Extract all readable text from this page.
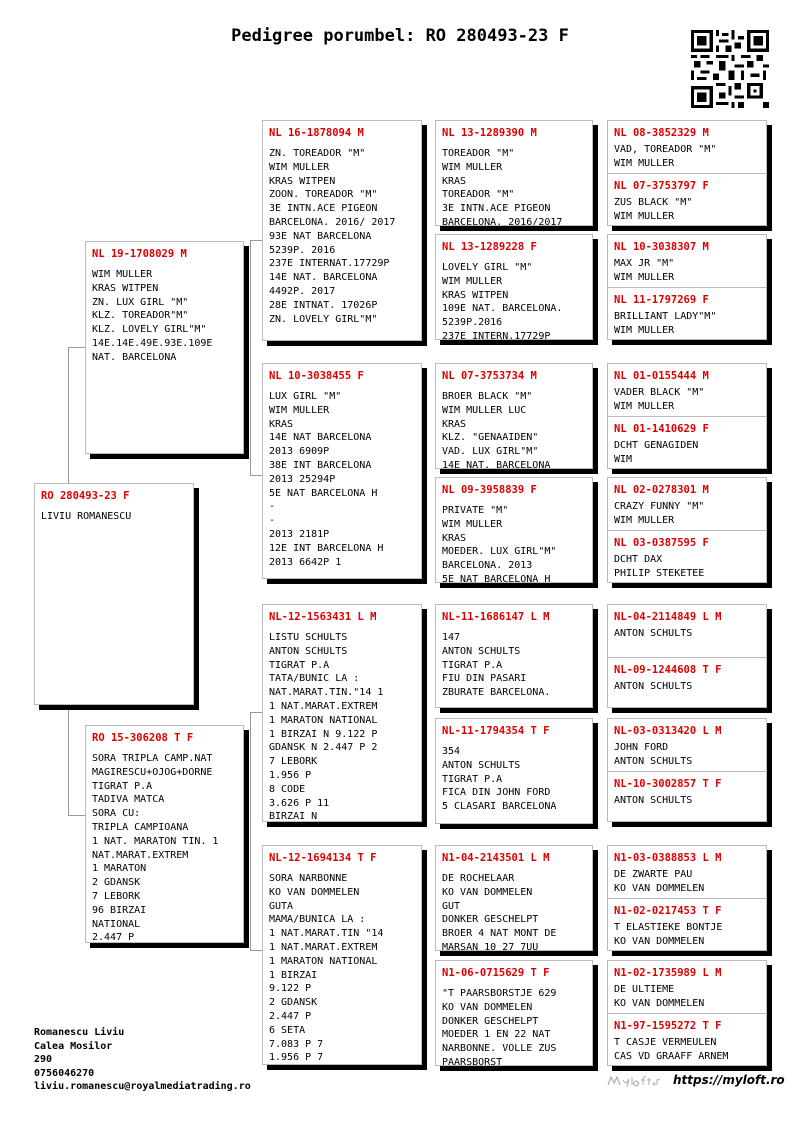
Pedigree porumbel: RO 280493-23 F
RO 280493-23 F
LIVIU ROMANESCU
NL 19-1708029 M
WIM MULLER
KRAS WITPEN
ZN. LUX GIRL "M"
KLZ. TOREADOR"M"
KLZ. LOVELY GIRL"M"
14E.14E.49E.93E.109E
NAT. BARCELONA
RO 15-306208 T F
SORA TRIPLA CAMP.NAT
MAGIRESCU+OJOG+DORNE
TIGRAT P.A
TADIVA MATCA
SORA CU:
TRIPLA CAMPIOANA
1 NAT. MARATON TIN. 1
NAT.MARAT.EXTREM
1 MARATON
2 GDANSK
7 LEBORK
96 BIRZAI
NATIONAL
2.447 P
NL 16-1878094 M
ZN. TOREADOR "M"
WIM MULLER
KRAS WITPEN
ZOON. TOREADOR "M"
3E INTN.ACE PIGEON
BARCELONA. 2016/ 2017
93E NAT BARCELONA
5239P. 2016
237E INTERNAT.17729P
14E NAT. BARCELONA
4492P. 2017
28E INTNAT. 17026P
ZN. LOVELY GIRL"M"
NL 10-3038455 F
LUX GIRL "M"
WIM MULLER
KRAS
14E NAT BARCELONA
2013 6909P
38E INT BARCELONA
2013 25294P
5E NAT BARCELONA H
-
-
2013 2181P
12E INT BARCELONA H
2013 6642P 1
NL-12-1563431 L M
LISTU SCHULTS
ANTON SCHULTS
TIGRAT P.A
TATA/BUNIC LA :
NAT.MARAT.TIN."14 1
1 NAT.MARAT.EXTREM
1 MARATON NATIONAL
1 BIRZAI N 9.122 P
GDANSK N 2.447 P 2
7 LEBORK
1.956 P
8 CODE
3.626 P 11
BIRZAI N
NL-12-1694134 T F
SORA NARBONNE
KO VAN DOMMELEN
GUTA
MAMA/BUNICA LA :
1 NAT.MARAT.TIN "14
1 NAT.MARAT.EXTREM
1 MARATON NATIONAL
1 BIRZAI
9.122 P
2 GDANSK
2.447 P
6 SETA
7.083 P 7
1.956 P 7
NL 13-1289390 M
TOREADOR "M"
WIM MULLER
KRAS
TOREADOR "M"
3E INTN.ACE PIGEON
BARCELONA. 2016/2017
NL 13-1289228 F
LOVELY GIRL "M"
WIM MULLER
KRAS WITPEN
109E NAT. BARCELONA.
5239P.2016
237E INTERN.17729P
NL 07-3753734 M
BROER BLACK "M"
WIM MULLER LUC
KRAS
KLZ. "GENAAIDEN"
VAD. LUX GIRL"M"
14E NAT. BARCELONA
NL 09-3958839 F
PRIVATE "M"
WIM MULLER
KRAS
MOEDER. LUX GIRL"M"
BARCELONA. 2013
5E NAT BARCELONA H
NL-11-1686147 L M
147
ANTON SCHULTS
TIGRAT P.A
FIU DIN PASARI
ZBURATE BARCELONA.
NL-11-1794354 T F
354
ANTON SCHULTS
TIGRAT P.A
FICA DIN JOHN FORD
5 CLASARI BARCELONA
N1-04-2143501 L M
DE ROCHELAAR
KO VAN DOMMELEN
GUT
DONKER GESCHELPT
BROER 4 NAT MONT DE
MARSAN 10 27 7UU
N1-06-0715629 T F
"T PAARSBORSTJE 629
KO VAN DOMMELEN
DONKER GESCHELPT
MOEDER 1 EN 22 NAT
NARBONNE. VOLLE ZUS
PAARSBORST
NL 08-3852329 M
VAD, TOREADOR "M"
WIM MULLER
NL 07-3753797 F
ZUS BLACK "M"
WIM MULLER
NL 10-3038307 M
MAX JR "M"
WIM MULLER
NL 11-1797269 F
BRILLIANT LADY"M"
WIM MULLER
NL 01-0155444 M
VADER BLACK "M"
WIM MULLER
NL 01-1410629 F
DCHT GENAGIDEN
WIM
NL 02-0278301 M
CRAZY FUNNY "M"
WIM MULLER
NL 03-0387595 F
DCHT DAX
PHILIP STEKETEE
NL-04-2114849 L M
ANTON SCHULTS
NL-09-1244608 T F
ANTON SCHULTS
NL-03-0313420 L M
JOHN FORD
ANTON SCHULTS
NL-10-3002857 T F
ANTON SCHULTS
N1-03-0388853 L M
DE ZWARTE PAU
KO VAN DOMMELEN
N1-02-0217453 T F
T ELASTIEKE BONTJE
KO VAN DOMMELEN
N1-02-1735989 L M
DE ULTIEME
KO VAN DOMMELEN
N1-97-1595272 T F
T CASJE VERMEULEN
CAS VD GRAAFF ARNEM
Romanescu Liviu
Calea Mosilor
290
0756046270
liviu.romanescu@royalmediatrading.ro	https://myloft.ro
